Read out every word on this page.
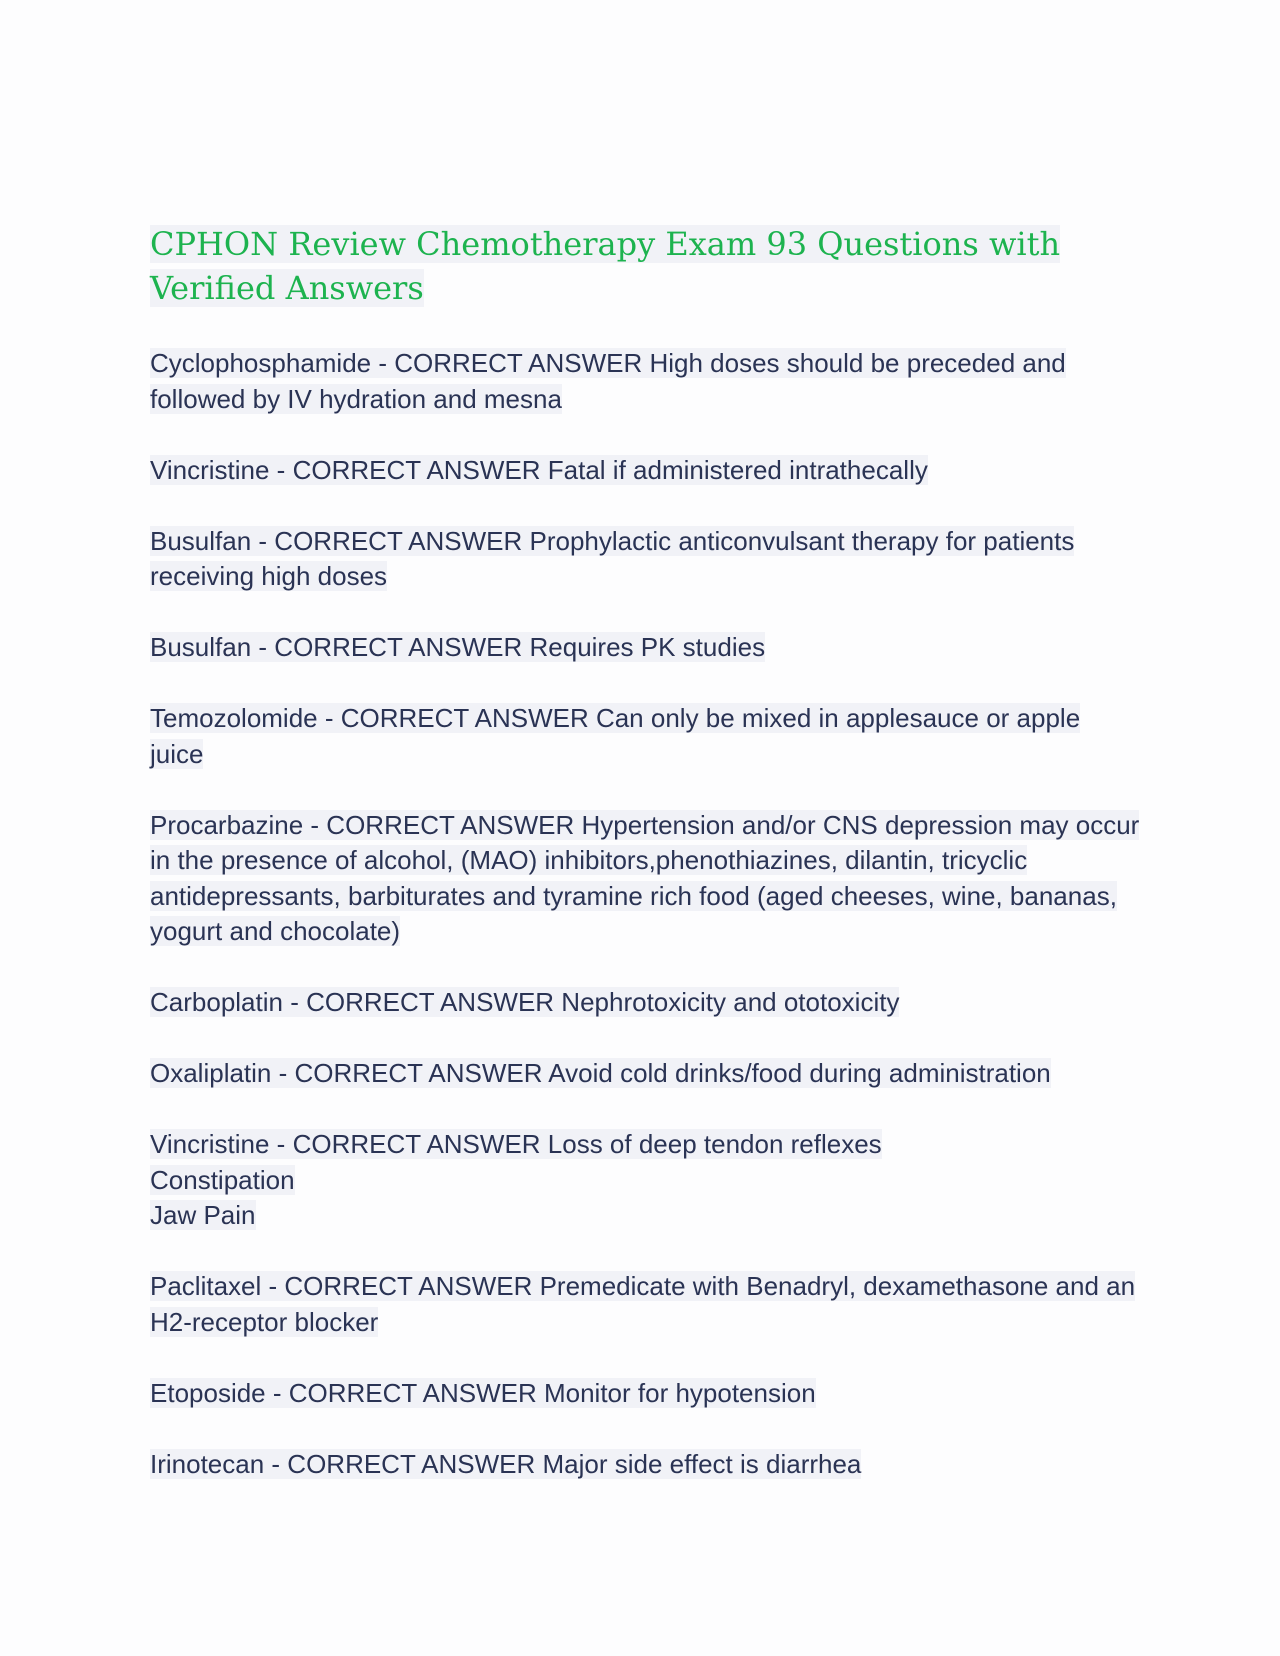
CPHON Review Chemotherapy Exam 93 Questions with Verified Answers

Cyclophosphamide - CORRECT ANSWER High doses should be preceded and followed by IV hydration and mesna

Vincristine - CORRECT ANSWER Fatal if administered intrathecally

Busulfan - CORRECT ANSWER Prophylactic anticonvulsant therapy for patients receiving high doses

Busulfan - CORRECT ANSWER Requires PK studies

Temozolomide - CORRECT ANSWER Can only be mixed in applesauce or apple juice

Procarbazine - CORRECT ANSWER Hypertension and/or CNS depression may occur in the presence of alcohol, (MAO) inhibitors,phenothiazines, dilantin, tricyclic antidepressants, barbiturates and tyramine rich food (aged cheeses, wine, bananas, yogurt and chocolate)

Carboplatin - CORRECT ANSWER Nephrotoxicity and ototoxicity

Oxaliplatin - CORRECT ANSWER Avoid cold drinks/food during administration

Vincristine - CORRECT ANSWER Loss of deep tendon reflexes
Constipation
Jaw Pain

Paclitaxel - CORRECT ANSWER Premedicate with Benadryl, dexamethasone and an H2-receptor blocker

Etoposide - CORRECT ANSWER Monitor for hypotension

Irinotecan - CORRECT ANSWER Major side effect is diarrhea
